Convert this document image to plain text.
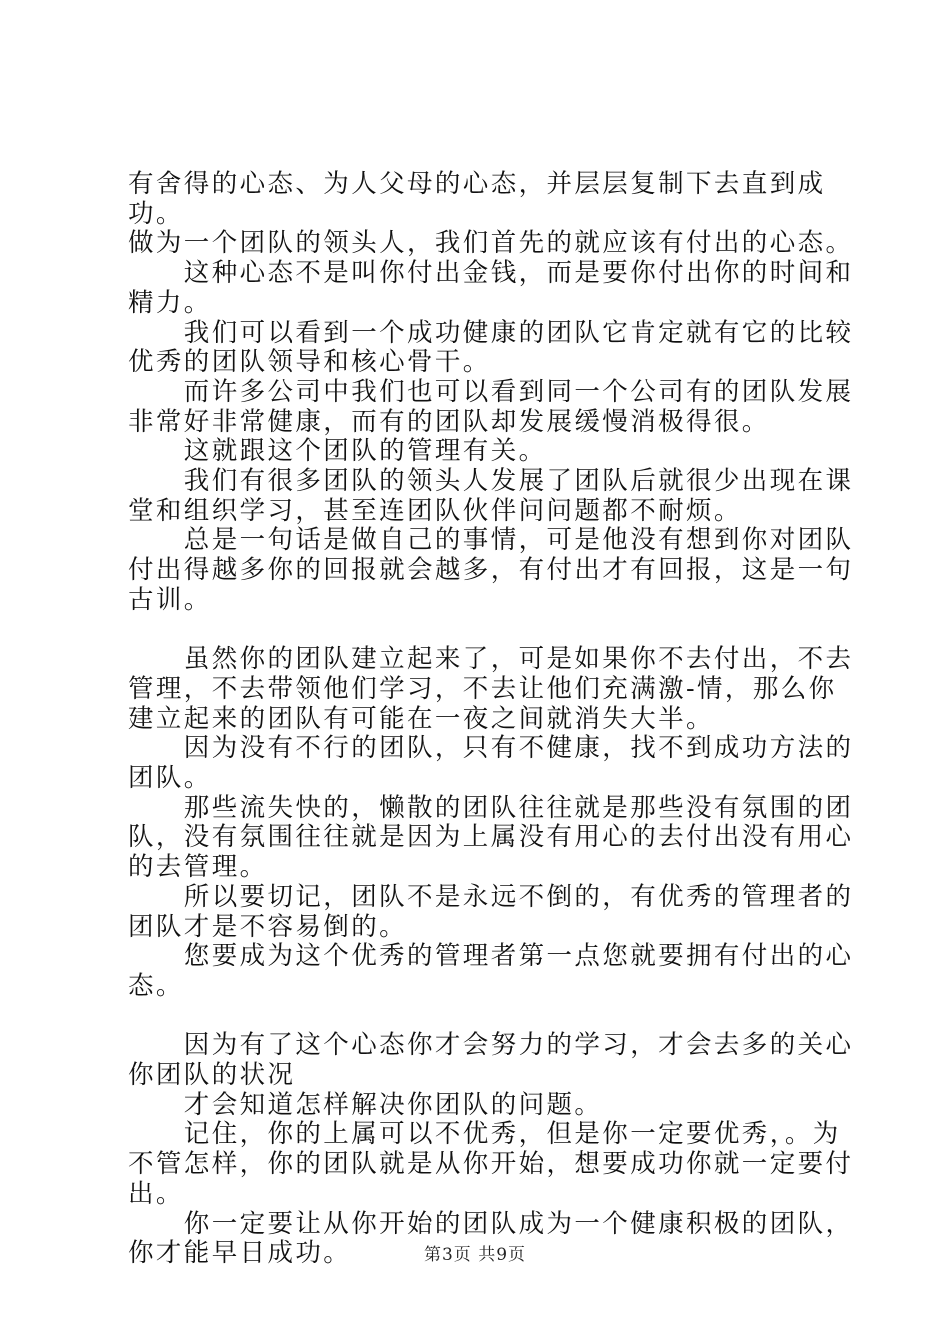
有舍得的心态、为人父母的心态，并层层复制下去直到成功。

做为一个团队的领头人，我们首先的就应该有付出的心态。

　　这种心态不是叫你付出金钱，而是要你付出你的时间和精力。

　　我们可以看到一个成功健康的团队它肯定就有它的比较优秀的团队领导和核心骨干。

　　而许多公司中我们也可以看到同一个公司有的团队发展非常好非常健康，而有的团队却发展缓慢消极得很。

　　这就跟这个团队的管理有关。

　　我们有很多团队的领头人发展了团队后就很少出现在课堂和组织学习，甚至连团队伙伴问问题都不耐烦。

　　总是一句话是做自己的事情，可是他没有想到你对团队付出得越多你的回报就会越多，有付出才有回报，这是一句古训。

　　虽然你的团队建立起来了，可是如果你不去付出，不去管理，不去带领他们学习，不去让他们充满激-情，那么你建立起来的团队有可能在一夜之间就消失大半。

　　因为没有不行的团队，只有不健康，找不到成功方法的团队。

　　那些流失快的，懒散的团队往往就是那些没有氛围的团队，没有氛围往往就是因为上属没有用心的去付出没有用心的去管理。

　　所以要切记，团队不是永远不倒的，有优秀的管理者的团队才是不容易倒的。

　　您要成为这个优秀的管理者第一点您就要拥有付出的心态。

　　因为有了这个心态你才会努力的学习，才会去多的关心你团队的状况

　　才会知道怎样解决你团队的问题。

　　记住，你的上属可以不优秀，但是你一定要优秀，。为不管怎样，你的团队就是从你开始，想要成功你就一定要付出。

　　你一定要让从你开始的团队成为一个健康积极的团队，你才能早日成功。	第3页 共9页
